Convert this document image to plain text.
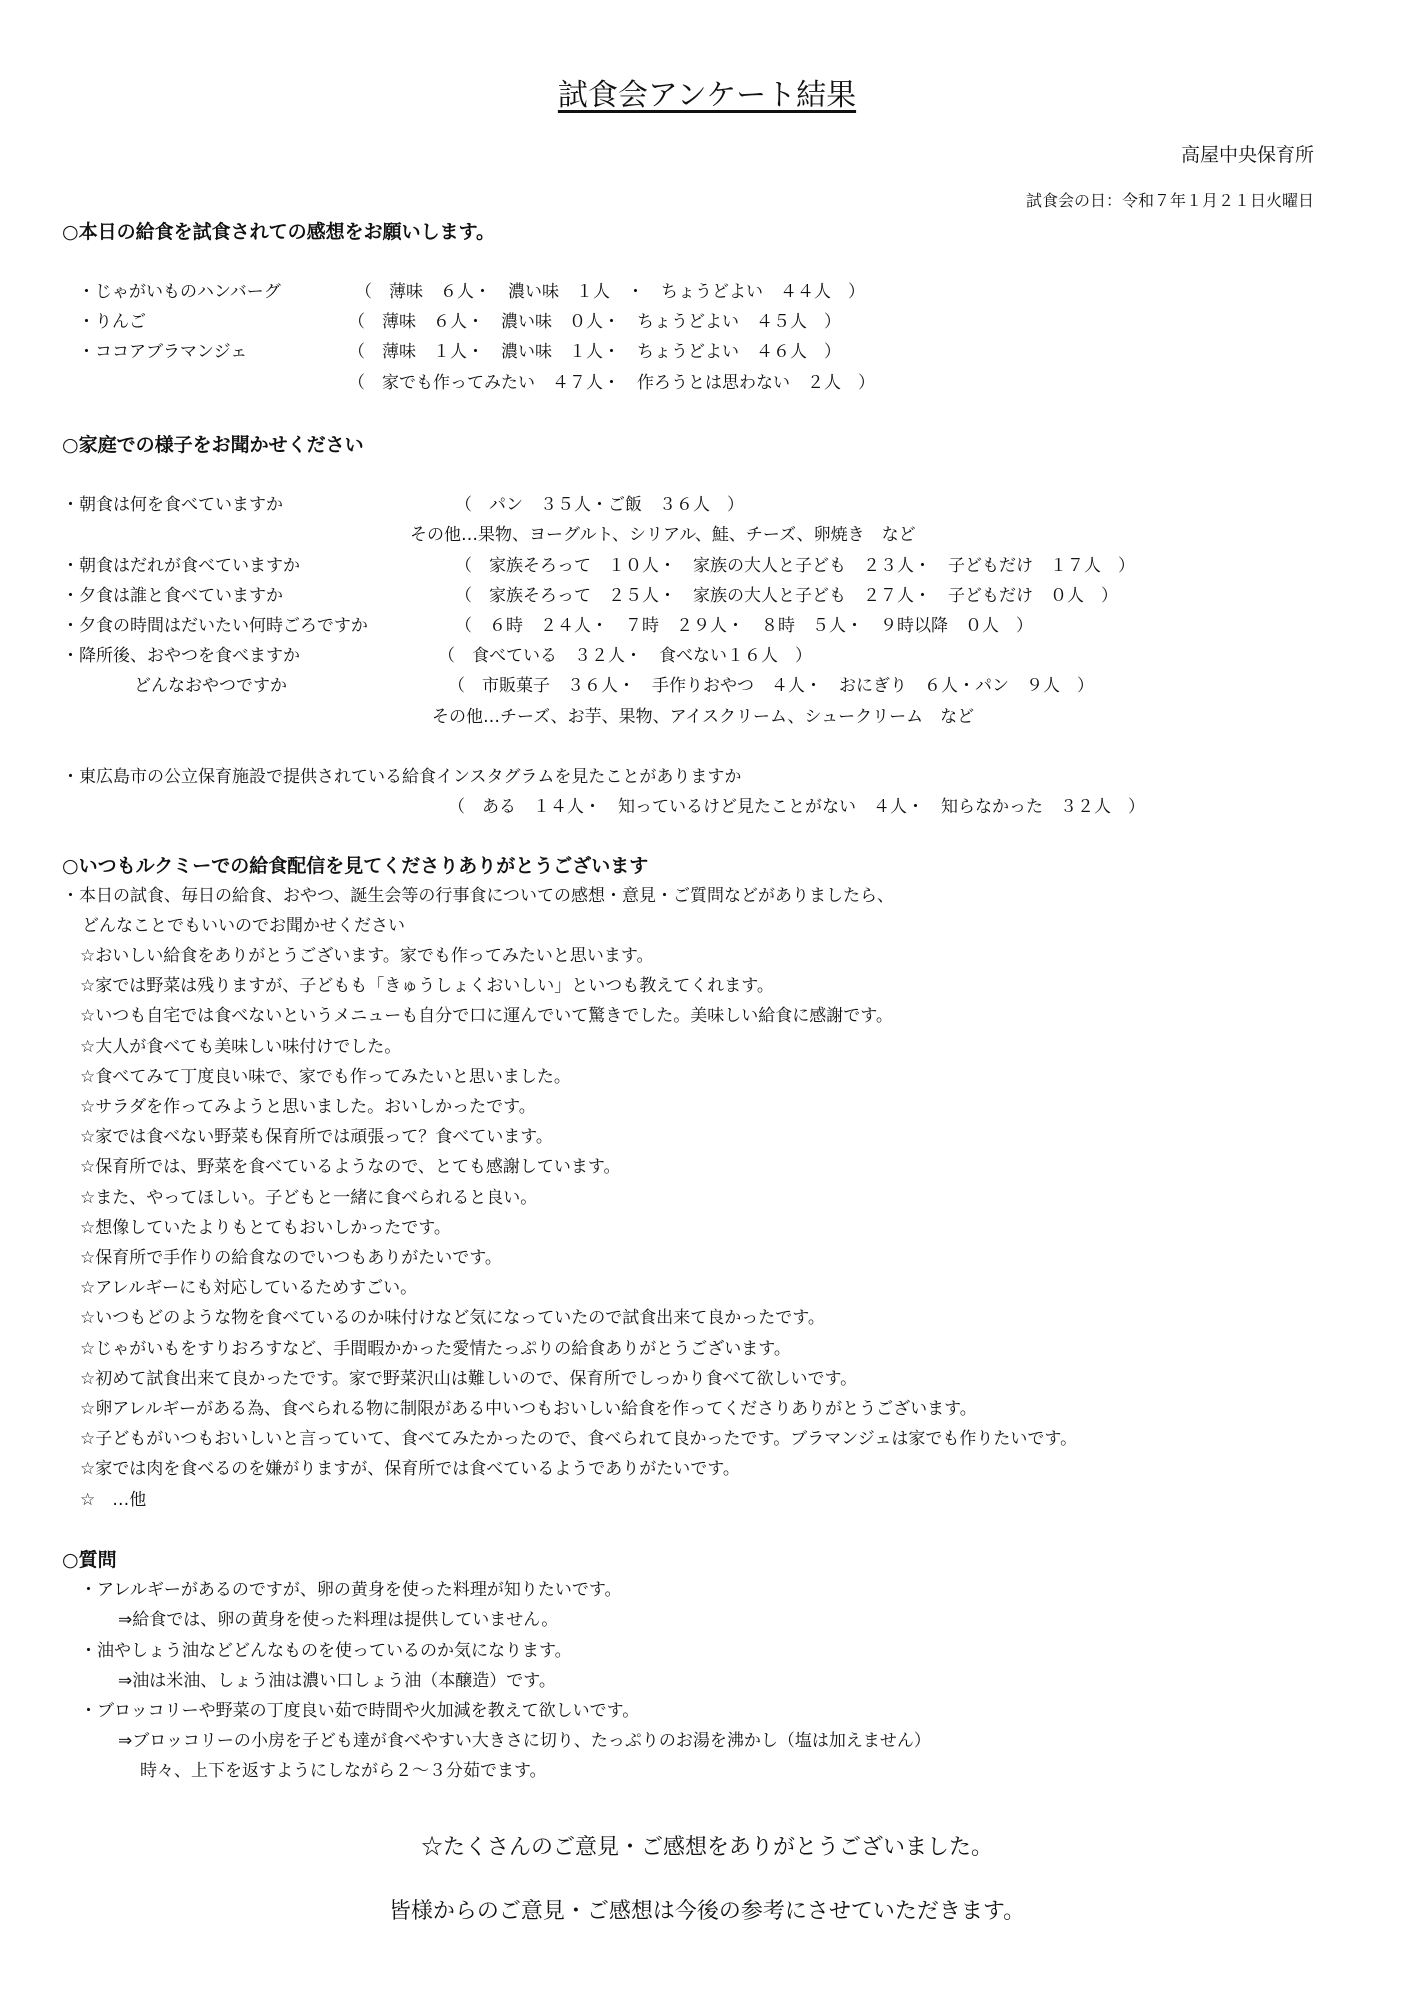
試食会アンケート結果
高屋中央保育所
試食会の日：令和７年１月２１日火曜日
○本日の給食を試食されての感想をお願いします。
・じゃがいものハンバーグ	（　薄味　６人・　濃い味　１人　・　ちょうどよい　４４人　）
・りんご	（　薄味　６人・　濃い味　０人・　ちょうどよい　４５人　）
・ココアブラマンジェ	（　薄味　１人・　濃い味　１人・　ちょうどよい　４６人　）
（　家でも作ってみたい　４７人・　作ろうとは思わない　２人　）
○家庭での様子をお聞かせください
・朝食は何を食べていますか	（　パン　３５人・ご飯　３６人　）
その他…果物、ヨーグルト、シリアル、鮭、チーズ、卵焼き　など
・朝食はだれが食べていますか	（　家族そろって　１０人・　家族の大人と子ども　２３人・　子どもだけ　１７人　）
・夕食は誰と食べていますか	（　家族そろって　２５人・　家族の大人と子ども　２７人・　子どもだけ　０人　）
・夕食の時間はだいたい何時ごろですか	（　６時　２４人・　７時　２９人・　８時　５人・　９時以降　０人　）
・降所後、おやつを食べますか	（　食べている　３２人・　食べない１６人　）
　　どんなおやつですか	（　市販菓子　３６人・　手作りおやつ　４人・　おにぎり　６人・パン　９人　）
その他…チーズ、お芋、果物、アイスクリーム、シュークリーム　など
・東広島市の公立保育施設で提供されている給食インスタグラムを見たことがありますか
（　ある　１４人・　知っているけど見たことがない　４人・　知らなかった　３２人　）
○いつもルクミーでの給食配信を見てくださりありがとうございます
・本日の試食、毎日の給食、おやつ、誕生会等の行事食についての感想・意見・ご質問などがありましたら、
どんなことでもいいのでお聞かせください
☆おいしい給食をありがとうございます。家でも作ってみたいと思います。
☆家では野菜は残りますが、子どもも「きゅうしょくおいしい」といつも教えてくれます。
☆いつも自宅では食べないというメニューも自分で口に運んでいて驚きでした。美味しい給食に感謝です。
☆大人が食べても美味しい味付けでした。
☆食べてみて丁度良い味で、家でも作ってみたいと思いました。
☆サラダを作ってみようと思いました。おいしかったです。
☆家では食べない野菜も保育所では頑張って？食べています。
☆保育所では、野菜を食べているようなので、とても感謝しています。
☆また、やってほしい。子どもと一緒に食べられると良い。
☆想像していたよりもとてもおいしかったです。
☆保育所で手作りの給食なのでいつもありがたいです。
☆アレルギーにも対応しているためすごい。
☆いつもどのような物を食べているのか味付けなど気になっていたので試食出来て良かったです。
☆じゃがいもをすりおろすなど、手間暇かかった愛情たっぷりの給食ありがとうございます。
☆初めて試食出来て良かったです。家で野菜沢山は難しいので、保育所でしっかり食べて欲しいです。
☆卵アレルギーがある為、食べられる物に制限がある中いつもおいしい給食を作ってくださりありがとうございます。
☆子どもがいつもおいしいと言っていて、食べてみたかったので、食べられて良かったです。ブラマンジェは家でも作りたいです。
☆家では肉を食べるのを嫌がりますが、保育所では食べているようでありがたいです。
☆　…他
○質問
・アレルギーがあるのですが、卵の黄身を使った料理が知りたいです。
⇒給食では、卵の黄身を使った料理は提供していません。
・油やしょう油などどんなものを使っているのか気になります。
⇒油は米油、しょう油は濃い口しょう油（本醸造）です。
・ブロッコリーや野菜の丁度良い茹で時間や火加減を教えて欲しいです。
⇒ブロッコリーの小房を子ども達が食べやすい大きさに切り、たっぷりのお湯を沸かし（塩は加えません）
時々、上下を返すようにしながら２～３分茹でます。
☆たくさんのご意見・ご感想をありがとうございました。
皆様からのご意見・ご感想は今後の参考にさせていただきます。
